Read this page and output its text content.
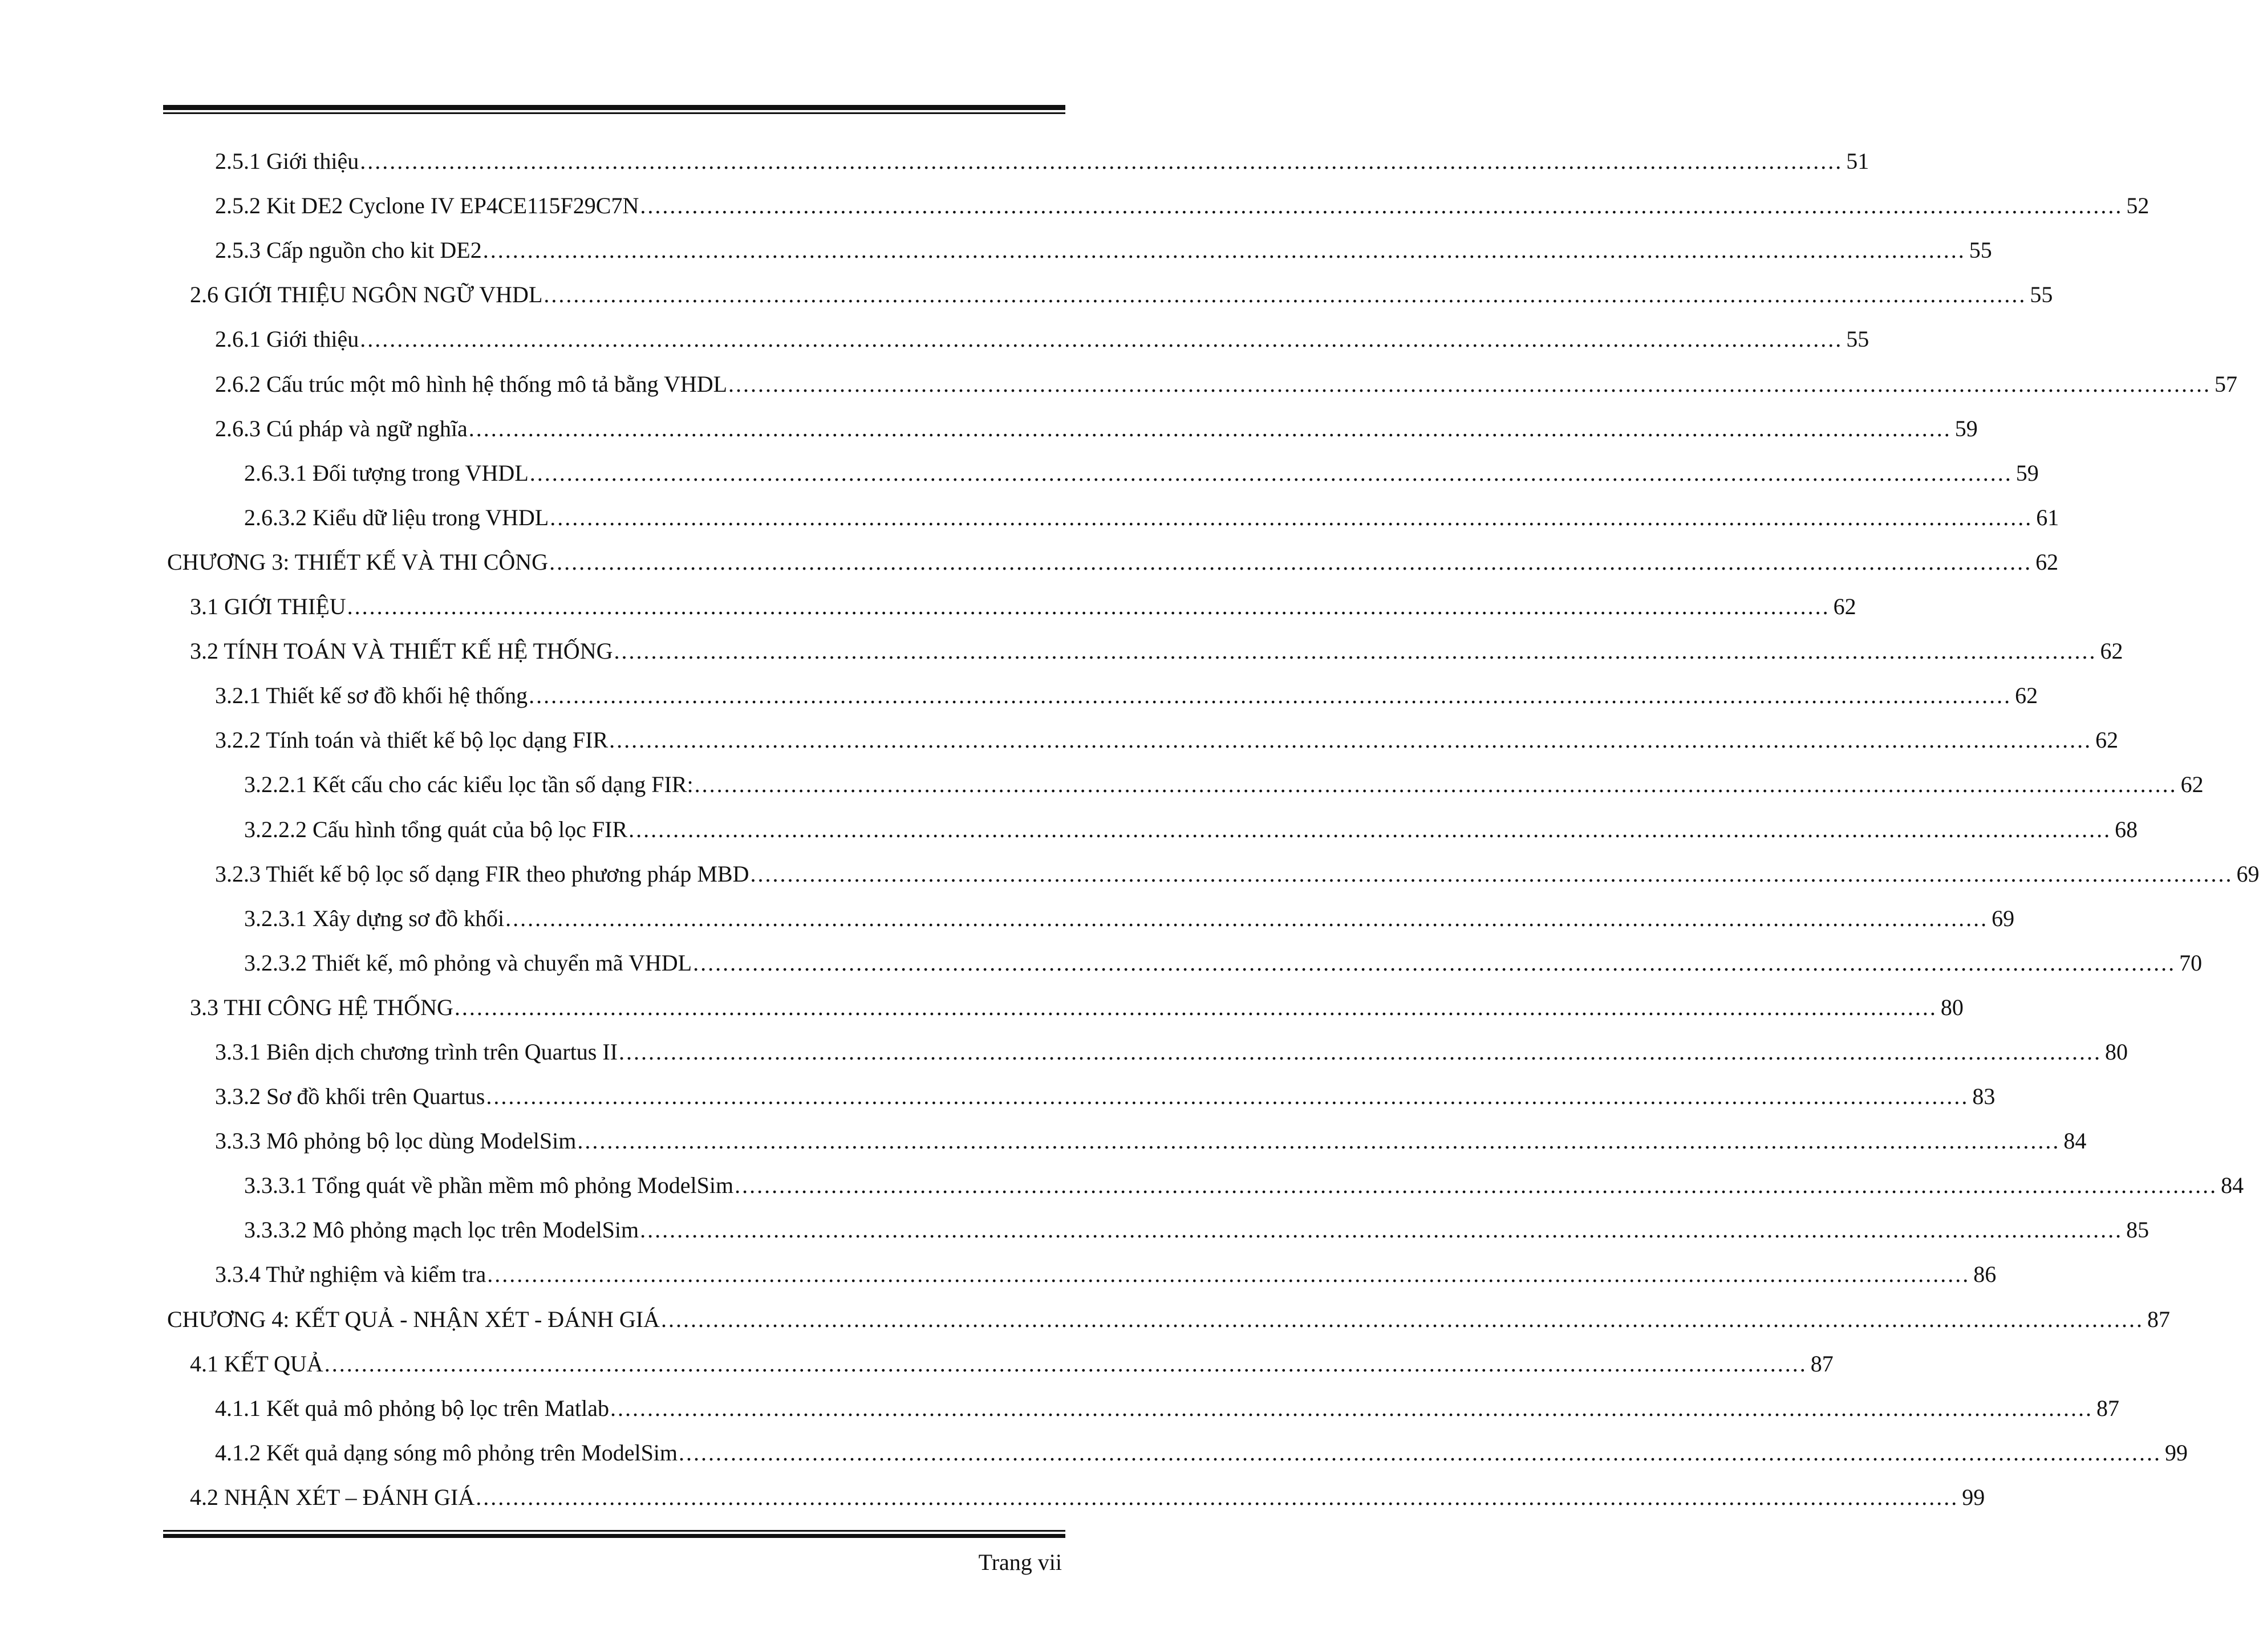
2.5.1 Giới thiệu ........................................................................................................................................................................................................ 51
2.5.2 Kit DE2 Cyclone IV EP4CE115F29C7N ........................................................................................................................................................................................................ 52
2.5.3 Cấp nguồn cho kit DE2 ........................................................................................................................................................................................................ 55
2.6 GIỚI THIỆU NGÔN NGỮ VHDL ........................................................................................................................................................................................................ 55
2.6.1 Giới thiệu ........................................................................................................................................................................................................ 55
2.6.2 Cấu trúc một mô hình hệ thống mô tả bằng VHDL ........................................................................................................................................................................................................ 57
2.6.3 Cú pháp và ngữ nghĩa ........................................................................................................................................................................................................ 59
2.6.3.1 Đối tượng trong VHDL ........................................................................................................................................................................................................ 59
2.6.3.2 Kiểu dữ liệu trong VHDL ........................................................................................................................................................................................................ 61
CHƯƠNG 3: THIẾT KẾ VÀ THI CÔNG ........................................................................................................................................................................................................ 62
3.1 GIỚI THIỆU ........................................................................................................................................................................................................ 62
3.2 TÍNH TOÁN VÀ THIẾT KẾ HỆ THỐNG ........................................................................................................................................................................................................ 62
3.2.1 Thiết kế sơ đồ khối hệ thống ........................................................................................................................................................................................................ 62
3.2.2 Tính toán và thiết kế bộ lọc dạng FIR ........................................................................................................................................................................................................ 62
3.2.2.1 Kết cấu cho các kiểu lọc tần số dạng FIR: ........................................................................................................................................................................................................ 62
3.2.2.2 Cấu hình tổng quát của bộ lọc FIR ........................................................................................................................................................................................................ 68
3.2.3 Thiết kế bộ lọc số dạng FIR theo phương pháp MBD ........................................................................................................................................................................................................ 69
3.2.3.1 Xây dựng sơ đồ khối ........................................................................................................................................................................................................ 69
3.2.3.2 Thiết kế, mô phỏng và chuyển mã VHDL ........................................................................................................................................................................................................ 70
3.3 THI CÔNG HỆ THỐNG ........................................................................................................................................................................................................ 80
3.3.1 Biên dịch chương trình trên Quartus II ........................................................................................................................................................................................................ 80
3.3.2 Sơ đồ khối trên Quartus ........................................................................................................................................................................................................ 83
3.3.3 Mô phỏng bộ lọc dùng ModelSim ........................................................................................................................................................................................................ 84
3.3.3.1 Tổng quát về phần mềm mô phỏng ModelSim ........................................................................................................................................................................................................ 84
3.3.3.2 Mô phỏng mạch lọc trên ModelSim ........................................................................................................................................................................................................ 85
3.3.4 Thử nghiệm và kiểm tra ........................................................................................................................................................................................................ 86
CHƯƠNG 4: KẾT QUẢ - NHẬN XÉT - ĐÁNH GIÁ ........................................................................................................................................................................................................ 87
4.1 KẾT QUẢ ........................................................................................................................................................................................................ 87
4.1.1 Kết quả mô phỏng bộ lọc trên Matlab ........................................................................................................................................................................................................ 87
4.1.2 Kết quả dạng sóng mô phỏng trên ModelSim ........................................................................................................................................................................................................ 99
4.2 NHẬN XÉT – ĐÁNH GIÁ ........................................................................................................................................................................................................ 99
Trang vii
